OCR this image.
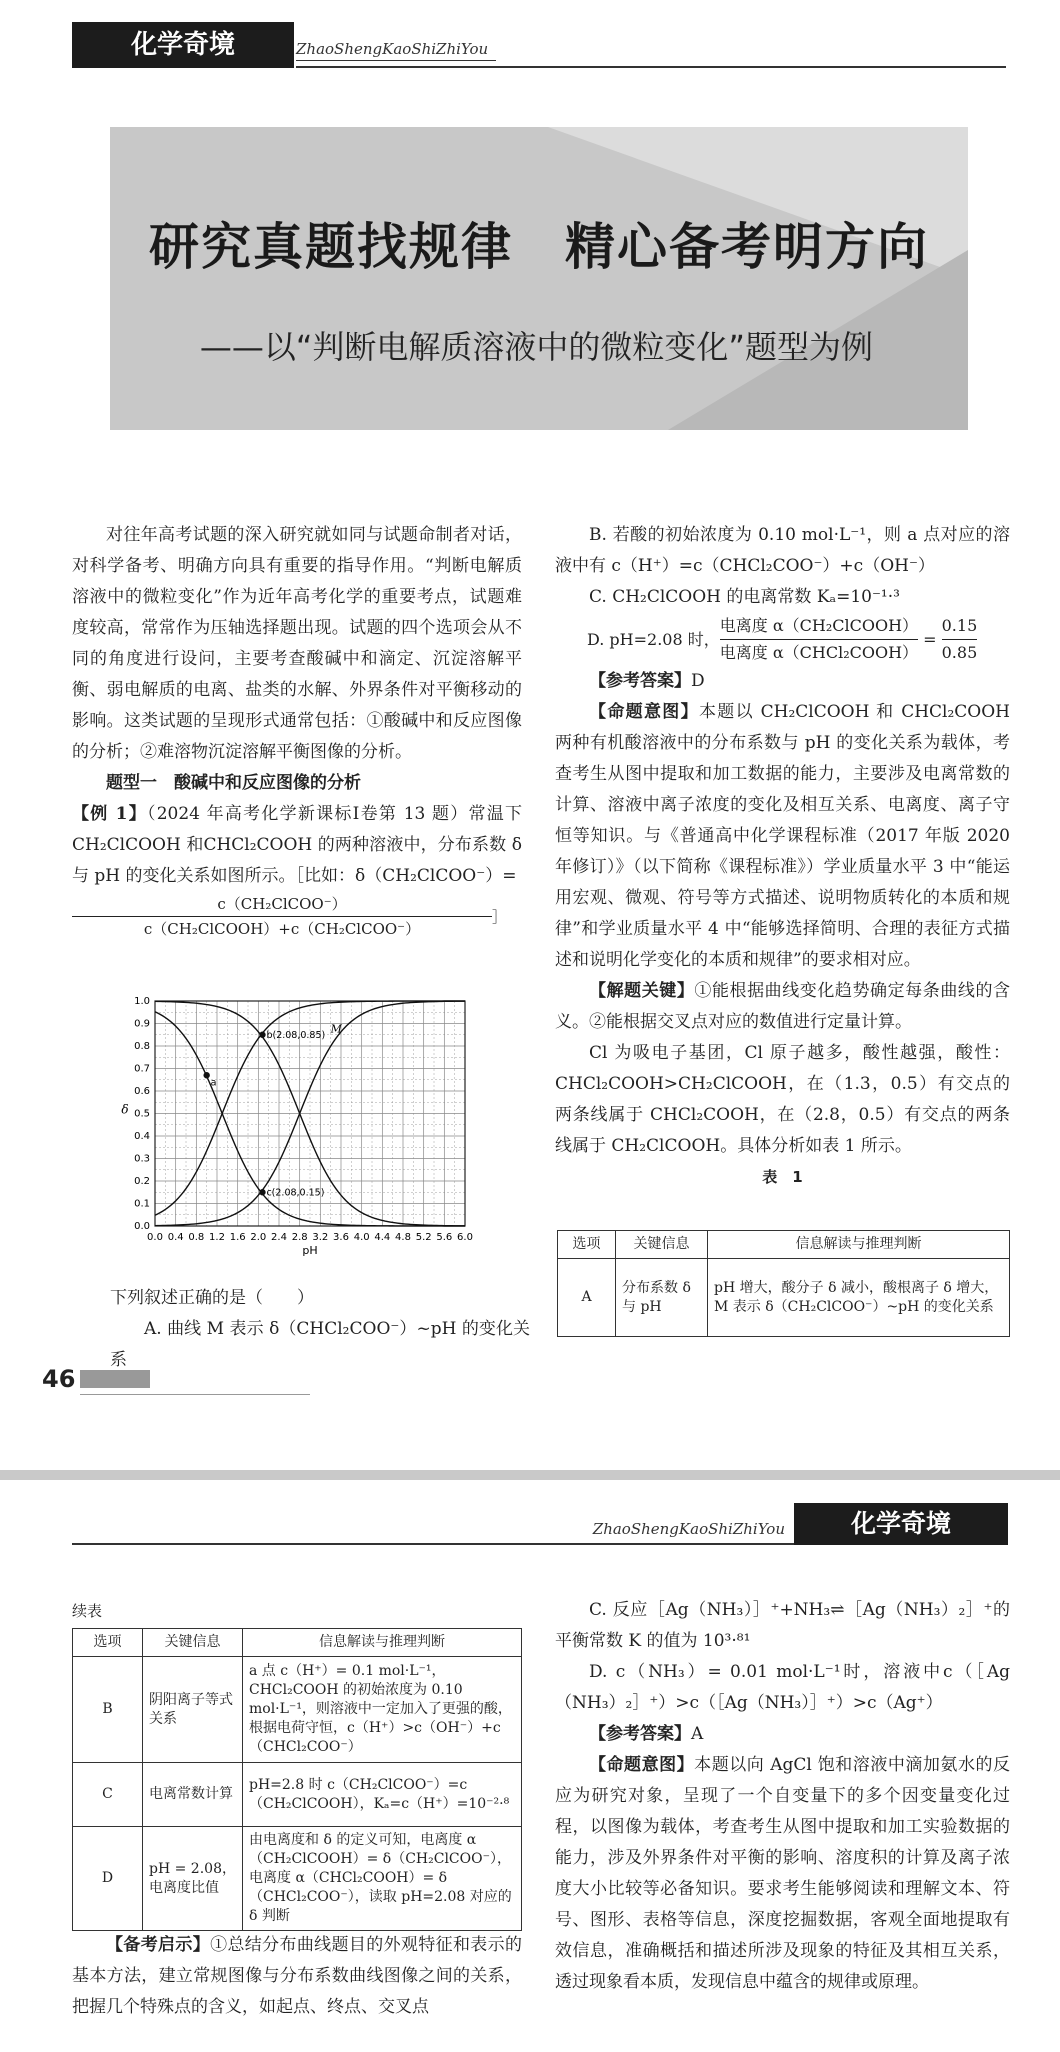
化学奇境	ZhaoShengKaoShiZhiYou
研究真题找规律　精心备考明方向
——以“判断电解质溶液中的微粒变化”题型为例

对往年高考试题的深入研究就如同与试题命制者对话，对科学备考、明确方向具有重要的指导作用。“判断电解质溶液中的微粒变化”作为近年高考化学的重要考点，试题难度较高，常常作为压轴选择题出现。试题的四个选项会从不同的角度进行设问，主要考查酸碱中和滴定、沉淀溶解平衡、弱电解质的电离、盐类的水解、外界条件对平衡移动的影响。这类试题的呈现形式通常包括：①酸碱中和反应图像的分析；②难溶物沉淀溶解平衡图像的分析。

题型一　酸碱中和反应图像的分析

【例 1】（2024 年高考化学新课标Ⅰ卷第 13 题）常温下CH₂ClCOOH 和CHCl₂COOH 的两种溶液中，分布系数 δ 与 pH 的变化关系如图所示。［比如：δ（CH₂ClCOO⁻）=

c（CH₂ClCOO⁻）
c（CH₂ClCOOH）+c（CH₂ClCOO⁻）
］
0.0 0.4 0.8 1.2 1.6 2.0 2.4 2.8 3.2 3.6 4.0 4.4 4.8 5.2 5.6 6.0
0.0
0.1
0.2
0.3
0.4
0.5
0.6
0.7
0.8
0.9
1.0
pH
δ
b(2.08,0.85)
c(2.08,0.15)
a
M

下列叙述正确的是（　　）

A. 曲线 M 表示 δ（CHCl₂COO⁻）~pH 的变化关系

46

B. 若酸的初始浓度为 0.10 mol·L⁻¹，则 a 点对应的溶液中有 c（H⁺）=c（CHCl₂COO⁻）+c（OH⁻）

C. CH₂ClCOOH 的电离常数 Kₐ=10⁻¹·³

D. pH=2.08 时，
电离度 α（CH₂ClCOOH）
电离度 α（CHCl₂COOH）
= $\frac{0.15}{0.85}$

【参考答案】D

【命题意图】本题以 CH₂ClCOOH 和 CHCl₂COOH 两种有机酸溶液中的分布系数与 pH 的变化关系为载体，考查考生从图中提取和加工数据的能力，主要涉及电离常数的计算、溶液中离子浓度的变化及相互关系、电离度、离子守恒等知识。与《普通高中化学课程标准（2017 年版 2020 年修订）》（以下简称《课程标准》）学业质量水平 3 中“能运用宏观、微观、符号等方式描述、说明物质转化的本质和规律”和学业质量水平 4 中“能够选择简明、合理的表征方式描述和说明化学变化的本质和规律”的要求相对应。

【解题关键】①能根据曲线变化趋势确定每条曲线的含义。②能根据交叉点对应的数值进行定量计算。

Cl 为吸电子基团，Cl 原子越多，酸性越强，酸性：CHCl₂COOH>CH₂ClCOOH，在（1.3，0.5）有交点的两条线属于 CHCl₂COOH，在（2.8，0.5）有交点的两条线属于 CH₂ClCOOH。具体分析如表 1 所示。

表　1

选项	关键信息	信息解读与推理判断
A	分布系数 δ 与 pH	pH 增大，酸分子 δ 减小，酸根离子 δ 增大，M 表示 δ（CH₂ClCOO⁻）~pH 的变化关系
ZhaoShengKaoShiZhiYou	化学奇境
续表
选项	关键信息	信息解读与推理判断
B	阴阳离子等式关系	a 点 c（H⁺）= 0.1 mol·L⁻¹，CHCl₂COOH 的初始浓度为 0.10 mol·L⁻¹，则溶液中一定加入了更强的酸，根据电荷守恒，c（H⁺）>c（OH⁻）+c（CHCl₂COO⁻）
C	电离常数计算	pH=2.8 时 c（CH₂ClCOO⁻）=c（CH₂ClCOOH），Kₐ=c（H⁺）=10⁻²·⁸
D	pH = 2.08，电离度比值	由电离度和 δ 的定义可知，电离度 α（CH₂ClCOOH）= δ（CH₂ClCOO⁻），电离度 α（CHCl₂COOH）= δ（CHCl₂COO⁻），读取 pH=2.08 对应的 δ 判断

【备考启示】①总结分布曲线题目的外观特征和表示的基本方法，建立常规图像与分布系数曲线图像之间的关系，把握几个特殊点的含义，如起点、终点、交叉点

C. 反应［Ag（NH₃）］⁺+NH₃⇌［Ag（NH₃）₂］⁺的平衡常数 K 的值为 10³·⁸¹

D. c（NH₃）= 0.01 mol·L⁻¹时，溶液中c（［Ag（NH₃）₂］⁺）>c（［Ag（NH₃）］⁺）>c（Ag⁺）

【参考答案】A

【命题意图】本题以向 AgCl 饱和溶液中滴加氨水的反应为研究对象，呈现了一个自变量下的多个因变量变化过程，以图像为载体，考查考生从图中提取和加工实验数据的能力，涉及外界条件对平衡的影响、溶度积的计算及离子浓度大小比较等必备知识。要求考生能够阅读和理解文本、符号、图形、表格等信息，深度挖掘数据，客观全面地提取有效信息，准确概括和描述所涉及现象的特征及其相互关系，透过现象看本质，发现信息中蕴含的规律或原理。
